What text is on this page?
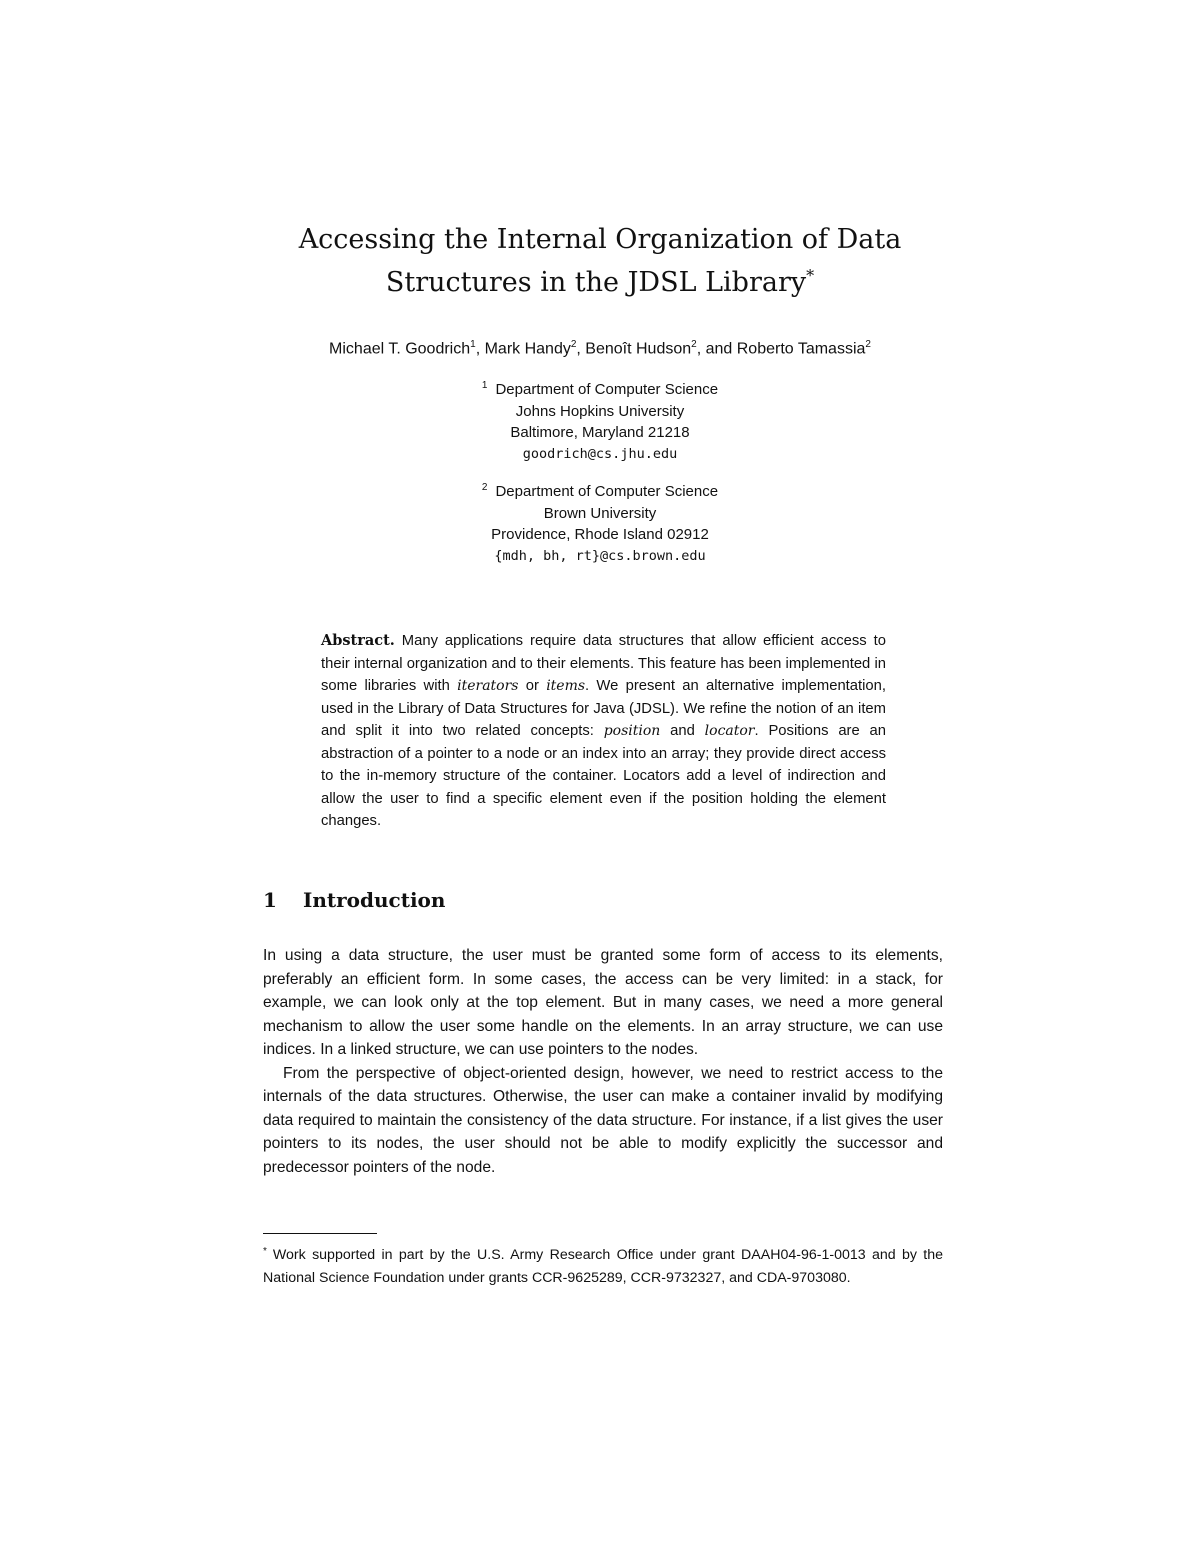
Accessing the Internal Organization of Data
Structures in the JDSL Library*
Michael T. Goodrich$^1$, Mark Handy$^2$, Benoît Hudson$^2$, and Roberto Tamassia$^2$
$^1$ Department of Computer Science
Johns Hopkins University
Baltimore, Maryland 21218
goodrich@cs.jhu.edu
$^2$ Department of Computer Science
Brown University
Providence, Rhode Island 02912
{mdh, bh, rt}@cs.brown.edu
Abstract. Many applications require data structures that allow efficient access to their internal organization and to their elements. This feature has been implemented in some libraries with iterators or items. We present an alternative implementation, used in the Library of Data Structures for Java (JDSL). We refine the notion of an item and split it into two related concepts: position and locator. Positions are an abstraction of a pointer to a node or an index into an array; they provide direct access to the in-memory structure of the container. Locators add a level of indirection and allow the user to find a specific element even if the position holding the element changes.
1 Introduction

In using a data structure, the user must be granted some form of access to its elements, preferably an efficient form. In some cases, the access can be very limited: in a stack, for example, we can look only at the top element. But in many cases, we need a more general mechanism to allow the user some handle on the elements. In an array structure, we can use indices. In a linked structure, we can use pointers to the nodes.

From the perspective of object-oriented design, however, we need to restrict access to the internals of the data structures. Otherwise, the user can make a container invalid by modifying data required to maintain the consistency of the data structure. For instance, if a list gives the user pointers to its nodes, the user should not be able to modify explicitly the successor and predecessor pointers of the node.

* Work supported in part by the U.S. Army Research Office under grant DAAH04-96-1-0013 and by the National Science Foundation under grants CCR-9625289, CCR-9732327, and CDA-9703080.
